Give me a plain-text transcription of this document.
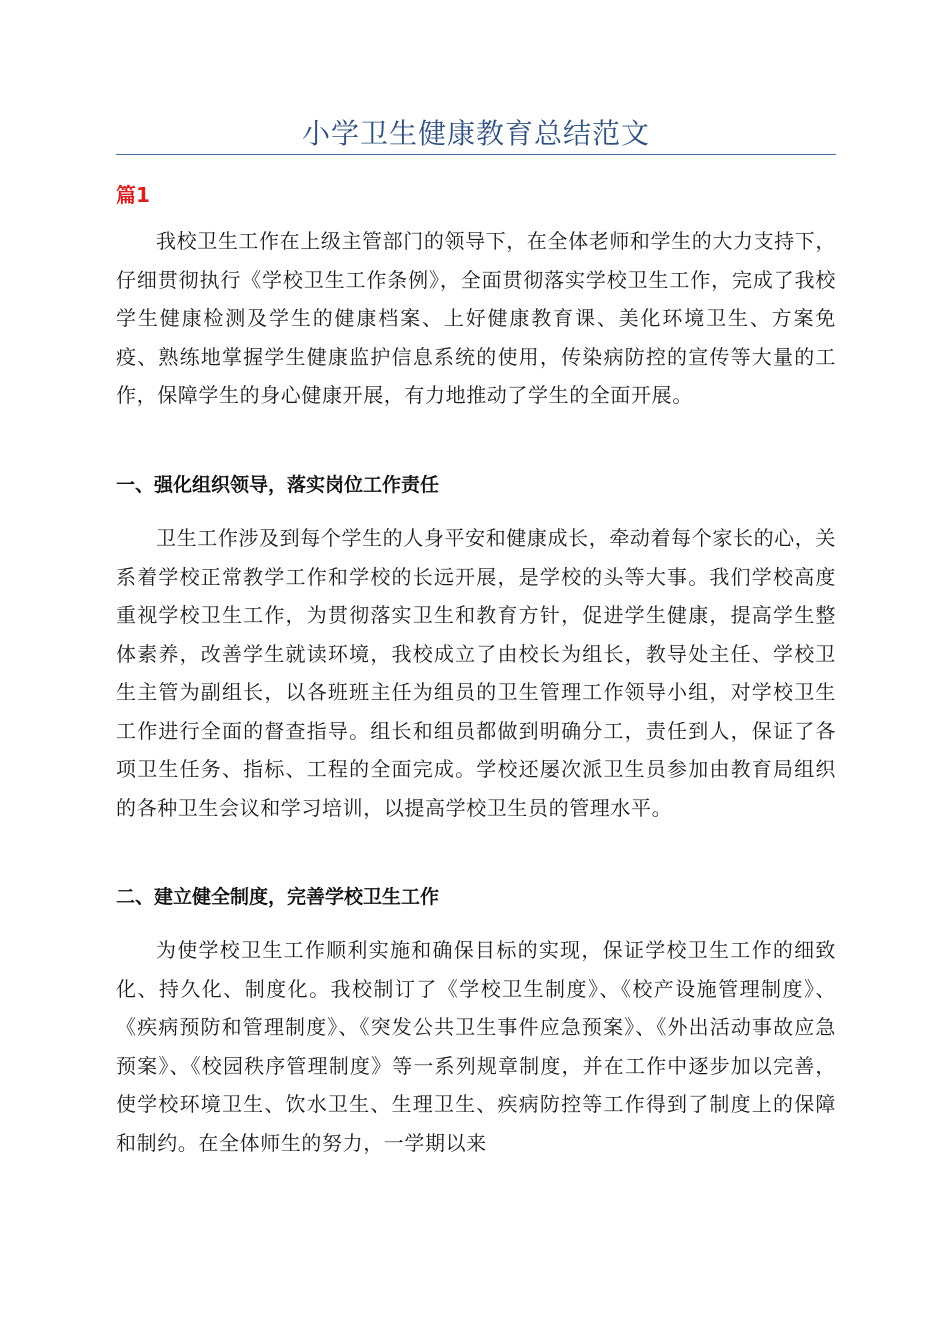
小学卫生健康教育总结范文
篇1

我校卫生工作在上级主管部门的领导下，在全体老师和学生的大力支持下，仔细贯彻执行《学校卫生工作条例》，全面贯彻落实学校卫生工作，完成了我校学生健康检测及学生的健康档案、上好健康教育课、美化环境卫生、方案免疫、熟练地掌握学生健康监护信息系统的使用，传染病防控的宣传等大量的工作，保障学生的身心健康开展，有力地推动了学生的全面开展。

一、强化组织领导，落实岗位工作责任

卫生工作涉及到每个学生的人身平安和健康成长，牵动着每个家长的心，关系着学校正常教学工作和学校的长远开展，是学校的头等大事。我们学校高度重视学校卫生工作，为贯彻落实卫生和教育方针，促进学生健康，提高学生整体素养，改善学生就读环境，我校成立了由校长为组长，教导处主任、学校卫生主管为副组长，以各班班主任为组员的卫生管理工作领导小组，对学校卫生工作进行全面的督查指导。组长和组员都做到明确分工，责任到人，保证了各项卫生任务、指标、工程的全面完成。学校还屡次派卫生员参加由教育局组织的各种卫生会议和学习培训，以提高学校卫生员的管理水平。

二、建立健全制度，完善学校卫生工作

为使学校卫生工作顺利实施和确保目标的实现，保证学校卫生工作的细致化、持久化、制度化。我校制订了《学校卫生制度》、《校产设施管理制度》、《疾病预防和管理制度》、《突发公共卫生事件应急预案》、《外出活动事故应急预案》、《校园秩序管理制度》等一系列规章制度，并在工作中逐步加以完善，使学校环境卫生、饮水卫生、生理卫生、疾病防控等工作得到了制度上的保障和制约。在全体师生的努力，一学期以来
